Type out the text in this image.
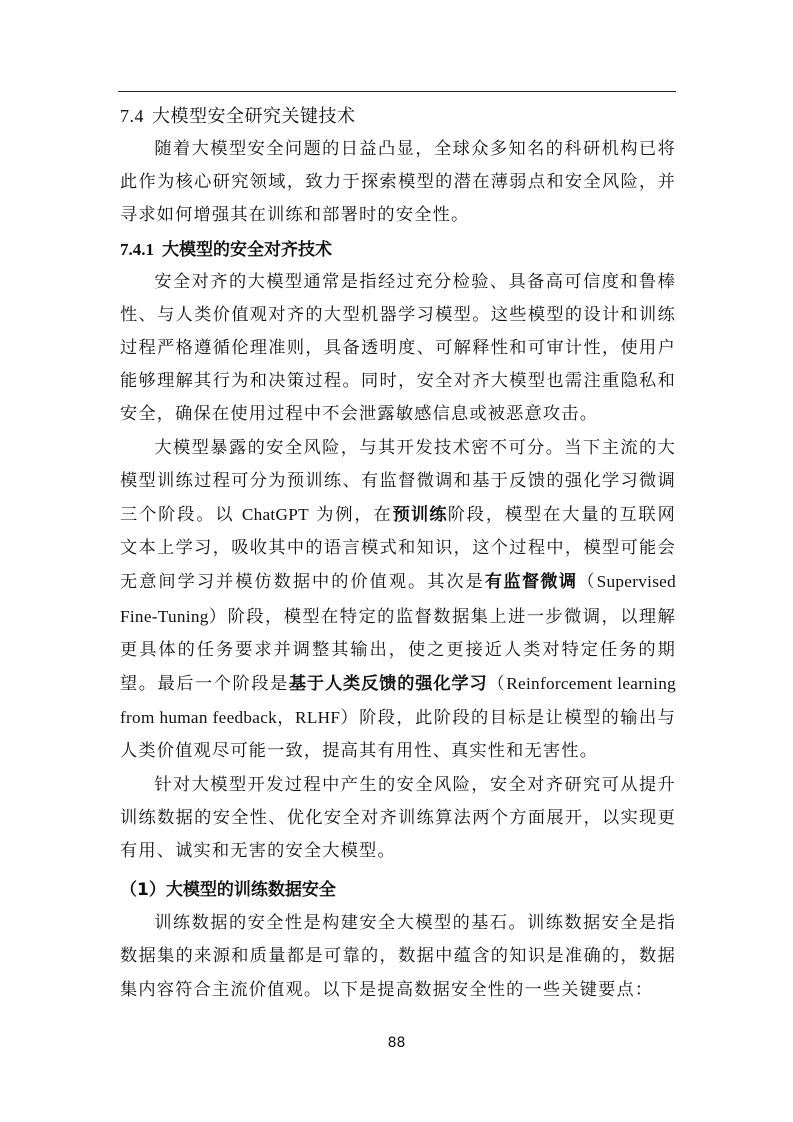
7.4 大模型安全研究关键技术

随着大模型安全问题的日益凸显，全球众多知名的科研机构已将此作为核心研究领域，致力于探索模型的潜在薄弱点和安全风险，并寻求如何增强其在训练和部署时的安全性。

7.4.1 大模型的安全对齐技术

安全对齐的大模型通常是指经过充分检验、具备高可信度和鲁棒性、与人类价值观对齐的大型机器学习模型。这些模型的设计和训练过程严格遵循伦理准则，具备透明度、可解释性和可审计性，使用户能够理解其行为和决策过程。同时，安全对齐大模型也需注重隐私和安全，确保在使用过程中不会泄露敏感信息或被恶意攻击。

大模型暴露的安全风险，与其开发技术密不可分。当下主流的大模型训练过程可分为预训练、有监督微调和基于反馈的强化学习微调三个阶段。以 ChatGPT 为例，在预训练阶段，模型在大量的互联网文本上学习，吸收其中的语言模式和知识，这个过程中，模型可能会无意间学习并模仿数据中的价值观。其次是有监督微调（Supervised Fine-Tuning）阶段，模型在特定的监督数据集上进一步微调，以理解更具体的任务要求并调整其输出，使之更接近人类对特定任务的期望。最后一个阶段是基于人类反馈的强化学习（Reinforcement learning from human feedback，RLHF）阶段，此阶段的目标是让模型的输出与人类价值观尽可能一致，提高其有用性、真实性和无害性。

针对大模型开发过程中产生的安全风险，安全对齐研究可从提升训练数据的安全性、优化安全对齐训练算法两个方面展开，以实现更有用、诚实和无害的安全大模型。

（1）大模型的训练数据安全

训练数据的安全性是构建安全大模型的基石。训练数据安全是指数据集的来源和质量都是可靠的，数据中蕴含的知识是准确的，数据集内容符合主流价值观。以下是提高数据安全性的一些关键要点：

88
